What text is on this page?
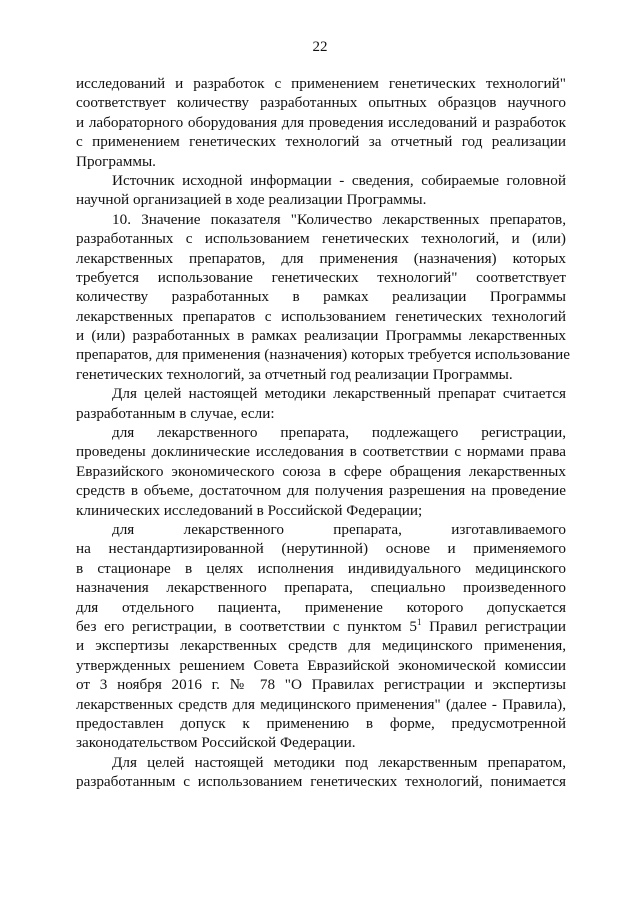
22
исследований и разработок с применением генетических технологий"
соответствует количеству разработанных опытных образцов научного
и лабораторного оборудования для проведения исследований и разработок
с применением генетических технологий за отчетный год реализации
Программы.
Источник исходной информации - сведения, собираемые головной
научной организацией в ходе реализации Программы.
10. Значение показателя "Количество лекарственных препаратов,
разработанных с использованием генетических технологий, и (или)
лекарственных препаратов, для применения (назначения) которых
требуется использование генетических технологий" соответствует
количеству разработанных в рамках реализации Программы
лекарственных препаратов с использованием генетических технологий
и (или) разработанных в рамках реализации Программы лекарственных
препаратов, для применения (назначения) которых требуется использование
генетических технологий, за отчетный год реализации Программы.
Для целей настоящей методики лекарственный препарат считается
разработанным в случае, если:
для лекарственного препарата, подлежащего регистрации,
проведены доклинические исследования в соответствии с нормами права
Евразийского экономического союза в сфере обращения лекарственных
средств в объеме, достаточном для получения разрешения на проведение
клинических исследований в Российской Федерации;
для лекарственного препарата, изготавливаемого
на нестандартизированной (нерутинной) основе и применяемого
в стационаре в целях исполнения индивидуального медицинского
назначения лекарственного препарата, специально произведенного
для отдельного пациента, применение которого допускается
без его регистрации, в соответствии с пунктом $5^1$ Правил регистрации
и экспертизы лекарственных средств для медицинского применения,
утвержденных решением Совета Евразийской экономической комиссии
от 3 ноября 2016 г. № 78 "О Правилах регистрации и экспертизы
лекарственных средств для медицинского применения" (далее - Правила),
предоставлен допуск к применению в форме, предусмотренной
законодательством Российской Федерации.
Для целей настоящей методики под лекарственным препаратом,
разработанным с использованием генетических технологий, понимается
